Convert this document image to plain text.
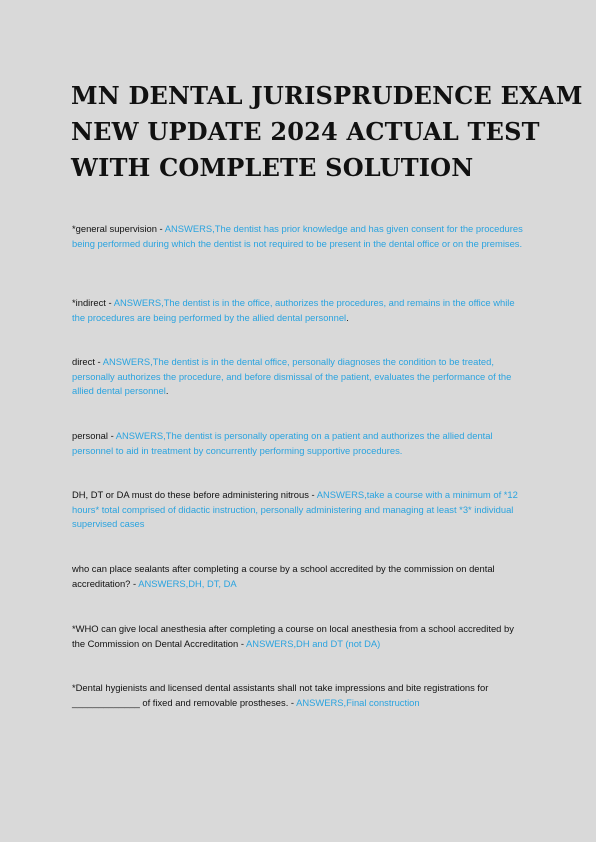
MN DENTAL JURISPRUDENCE EXAM
NEW UPDATE 2024 ACTUAL TEST
WITH COMPLETE SOLUTION
*general supervision - ANSWERS,The dentist has prior knowledge and has given consent for the procedures being performed during which the dentist is not required to be present in the dental office or on the premises.
*indirect - ANSWERS,The dentist is in the office, authorizes the procedures, and remains in the office while the procedures are being performed by the allied dental personnel.
direct - ANSWERS,The dentist is in the dental office, personally diagnoses the condition to be treated, personally authorizes the procedure, and before dismissal of the patient, evaluates the performance of the allied dental personnel.
personal - ANSWERS,The dentist is personally operating on a patient and authorizes the allied dental personnel to aid in treatment by concurrently performing supportive procedures.
DH, DT or DA must do these before administering nitrous - ANSWERS,take a course with a minimum of *12 hours* total comprised of didactic instruction, personally administering and managing at least *3* individual supervised cases
who can place sealants after completing a course by a school accredited by the commission on dental accreditation? - ANSWERS,DH, DT, DA
*WHO can give local anesthesia after completing a course on local anesthesia from a school accredited by the Commission on Dental Accreditation - ANSWERS,DH and DT (not DA)
*Dental hygienists and licensed dental assistants shall not take impressions and bite registrations for _____________ of fixed and removable prostheses. - ANSWERS,Final construction
